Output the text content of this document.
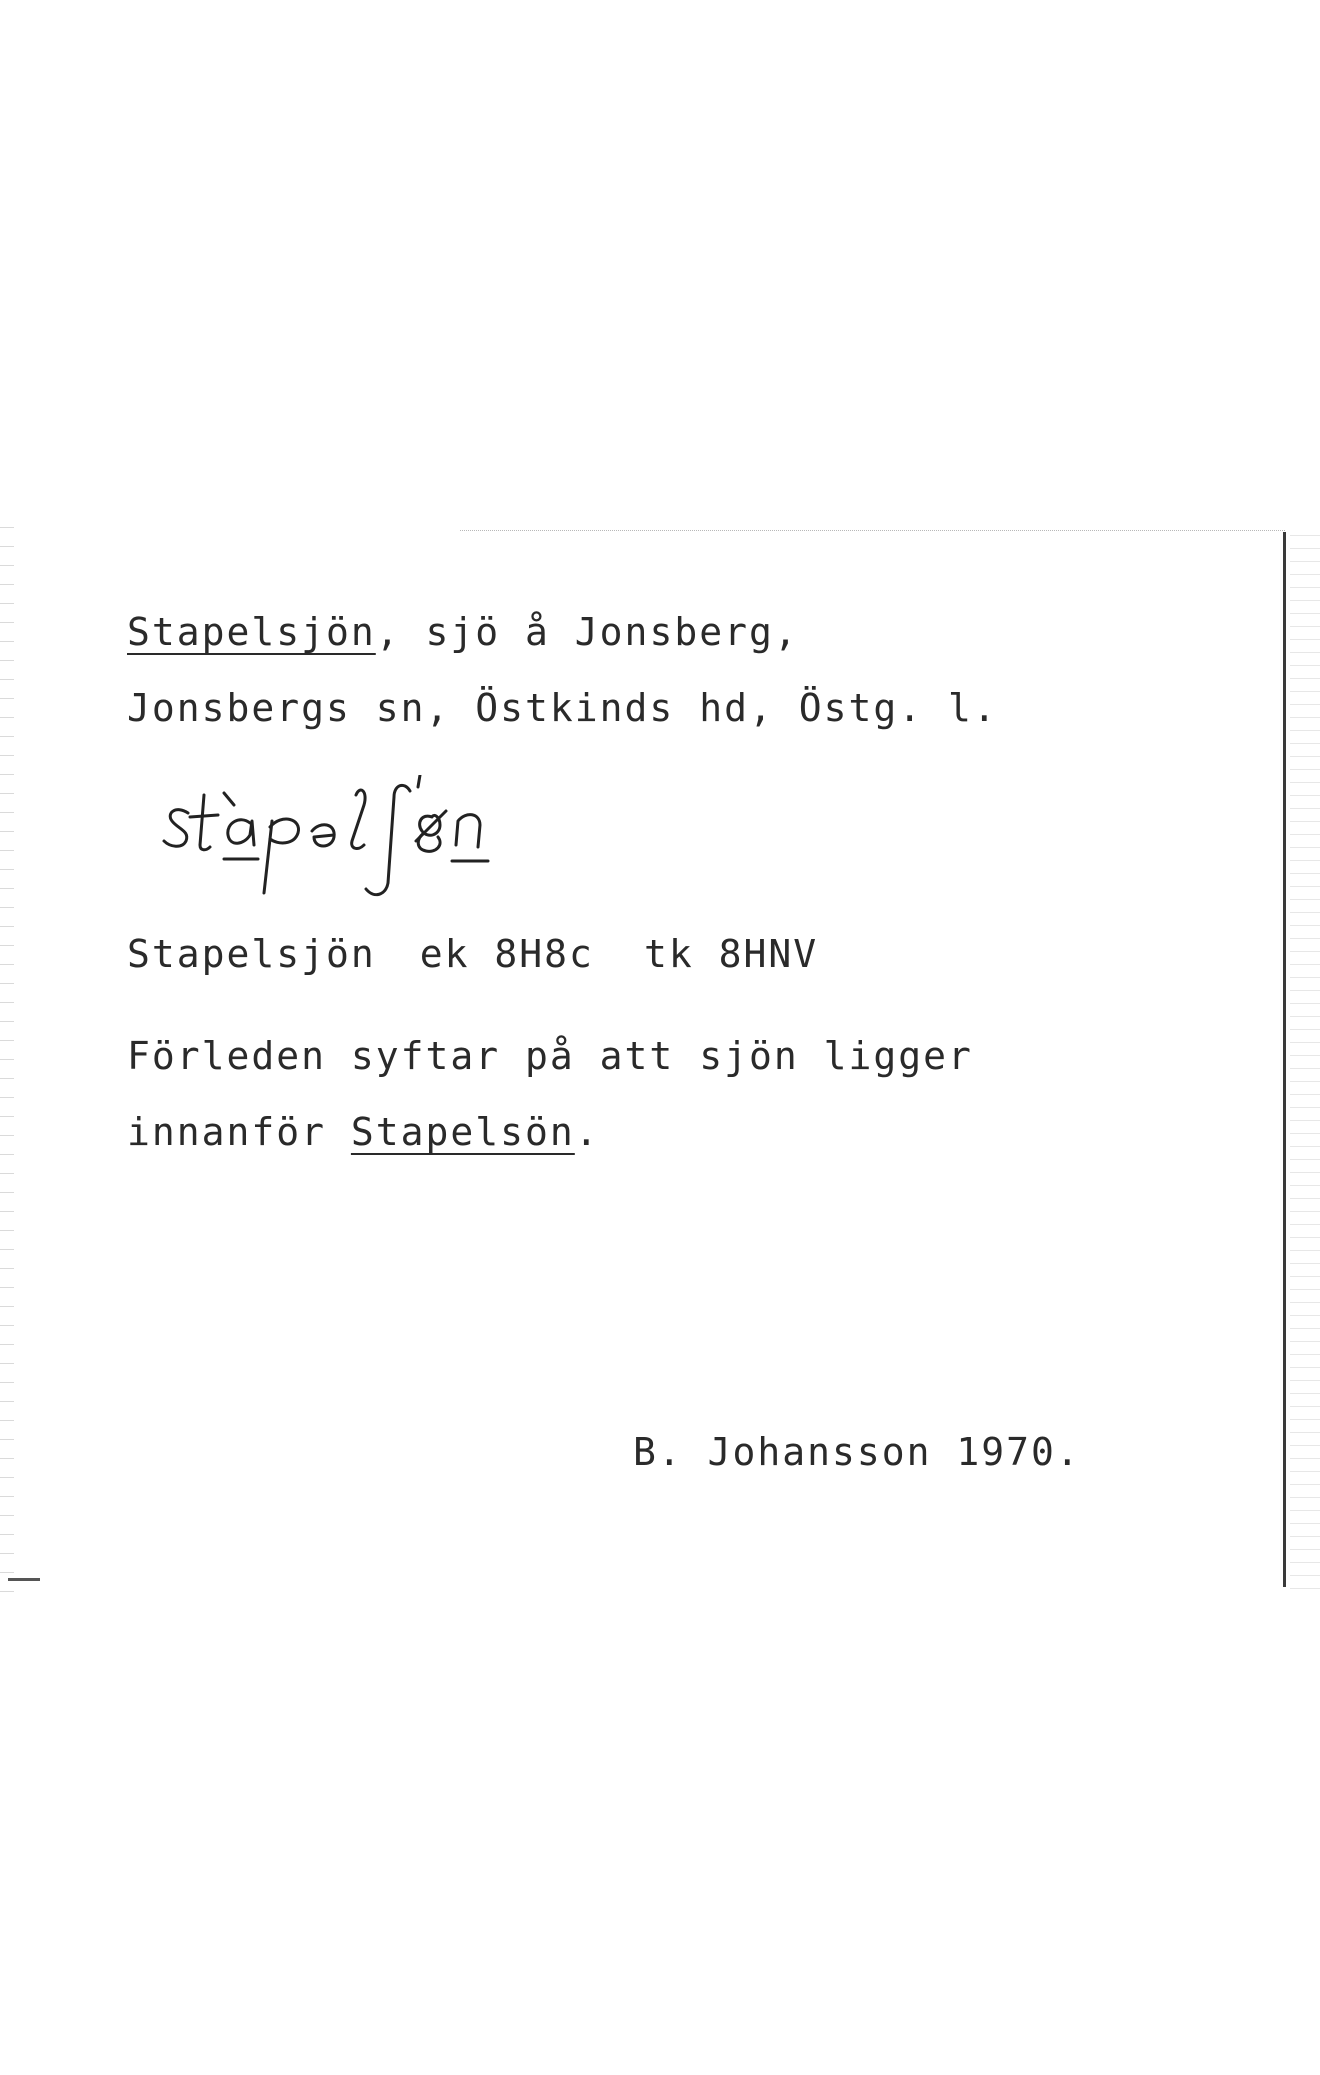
Stapelsjön, sjö å Jonsberg,
Jonsbergs sn, Östkinds hd, Östg. l.
Stapelsjön ek 8H8c tk 8HNV
Förleden syftar på att sjön ligger
innanför Stapelsön.
B. Johansson 1970.
